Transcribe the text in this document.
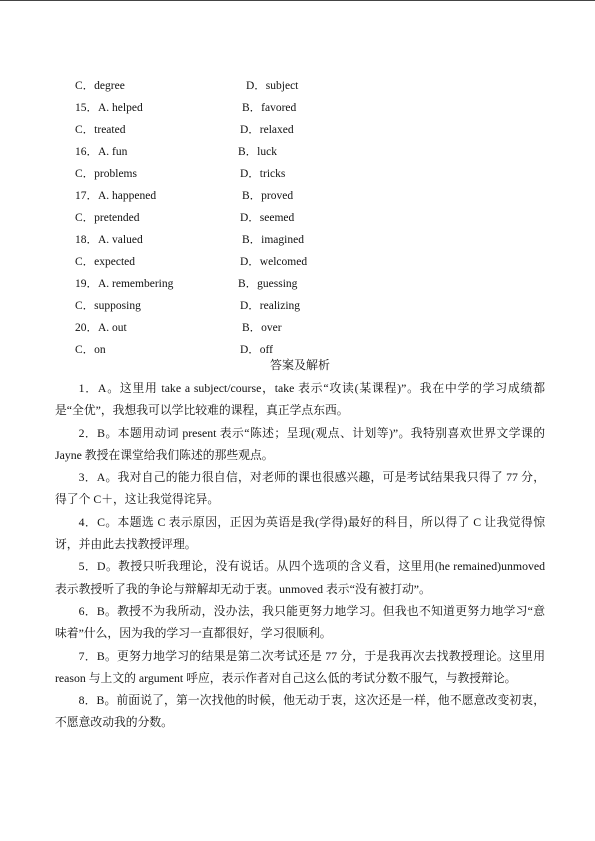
C．degree	D．subject
15．A. helped	B．favored
C．treated	D．relaxed
16．A. fun	B．luck
C．problems	D．tricks
17．A. happened	B．proved
C．pretended	D．seemed
18．A. valued	B．imagined
C．expected	D．welcomed
19．A. remembering	B．guessing
C．supposing	D．realizing
20．A. out	B．over
C．on	D．off
答案及解析

1．A。这里用 take a subject/course，take 表示“攻读(某课程)”。我在中学的学习成绩都是“全优”，我想我可以学比较难的课程，真正学点东西。

2．B。本题用动词 present 表示“陈述；呈现(观点、计划等)”。我特别喜欢世界文学课的 Jayne 教授在课堂给我们陈述的那些观点。

3．A。我对自己的能力很自信，对老师的课也很感兴趣，可是考试结果我只得了 77 分，得了个 C＋，这让我觉得诧异。

4．C。本题选 C 表示原因，正因为英语是我(学得)最好的科目，所以得了 C 让我觉得惊讶，并由此去找教授评理。

5．D。教授只听我理论，没有说话。从四个选项的含义看，这里用(he remained)unmoved 表示教授听了我的争论与辩解却无动于衷。unmoved 表示“没有被打动”。

6．B。教授不为我所动，没办法，我只能更努力地学习。但我也不知道更努力地学习“意味着”什么，因为我的学习一直都很好，学习很顺利。

7．B。更努力地学习的结果是第二次考试还是 77 分，于是我再次去找教授理论。这里用 reason 与上文的 argument 呼应，表示作者对自己这么低的考试分数不服气，与教授辩论。

8．B。前面说了，第一次找他的时候，他无动于衷，这次还是一样，他不愿意改变初衷，不愿意改动我的分数。
